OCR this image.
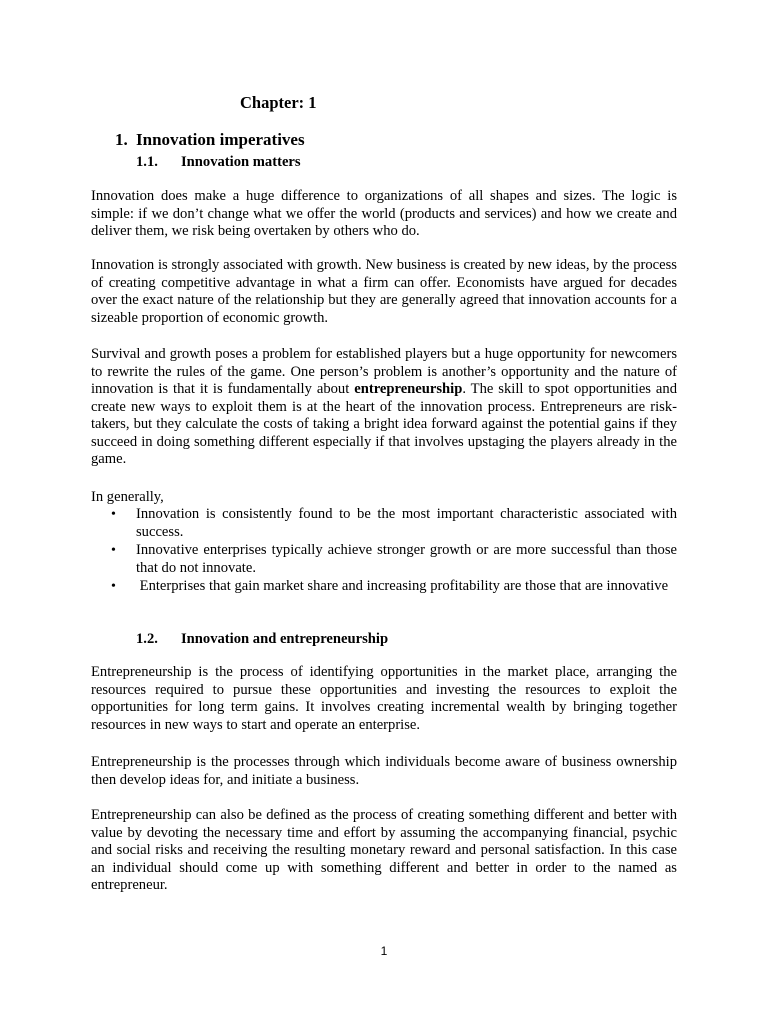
Chapter: 1
1. Innovation imperatives
1.1. Innovation matters

Innovation does make a huge difference to organizations of all shapes and sizes. The logic is simple: if we don’t change what we offer the world (products and services) and how we create and deliver them, we risk being overtaken by others who do.

Innovation is strongly associated with growth. New business is created by new ideas, by the process of creating competitive advantage in what a firm can offer. Economists have argued for decades over the exact nature of the relationship but they are generally agreed that innovation accounts for a sizeable proportion of economic growth.

Survival and growth poses a problem for established players but a huge opportunity for newcomers to rewrite the rules of the game. One person’s problem is another’s opportunity and the nature of innovation is that it is fundamentally about entrepreneurship. The skill to spot opportunities and create new ways to exploit them is at the heart of the innovation process. Entrepreneurs are risk-takers, but they calculate the costs of taking a bright idea forward against the potential gains if they succeed in doing something different especially if that involves upstaging the players already in the game.

In generally,

• Innovation is consistently found to be the most important characteristic associated with success.
• Innovative enterprises typically achieve stronger growth or are more successful than those that do not innovate.
• Enterprises that gain market share and increasing profitability are those that are innovative
1.2. Innovation and entrepreneurship

Entrepreneurship is the process of identifying opportunities in the market place, arranging the resources required to pursue these opportunities and investing the resources to exploit the opportunities for long term gains. It involves creating incremental wealth by bringing together resources in new ways to start and operate an enterprise.

Entrepreneurship is the processes through which individuals become aware of business ownership then develop ideas for, and initiate a business.

Entrepreneurship can also be defined as the process of creating something different and better with value by devoting the necessary time and effort by assuming the accompanying financial, psychic and social risks and receiving the resulting monetary reward and personal satisfaction. In this case an individual should come up with something different and better in order to the named as entrepreneur.

1
